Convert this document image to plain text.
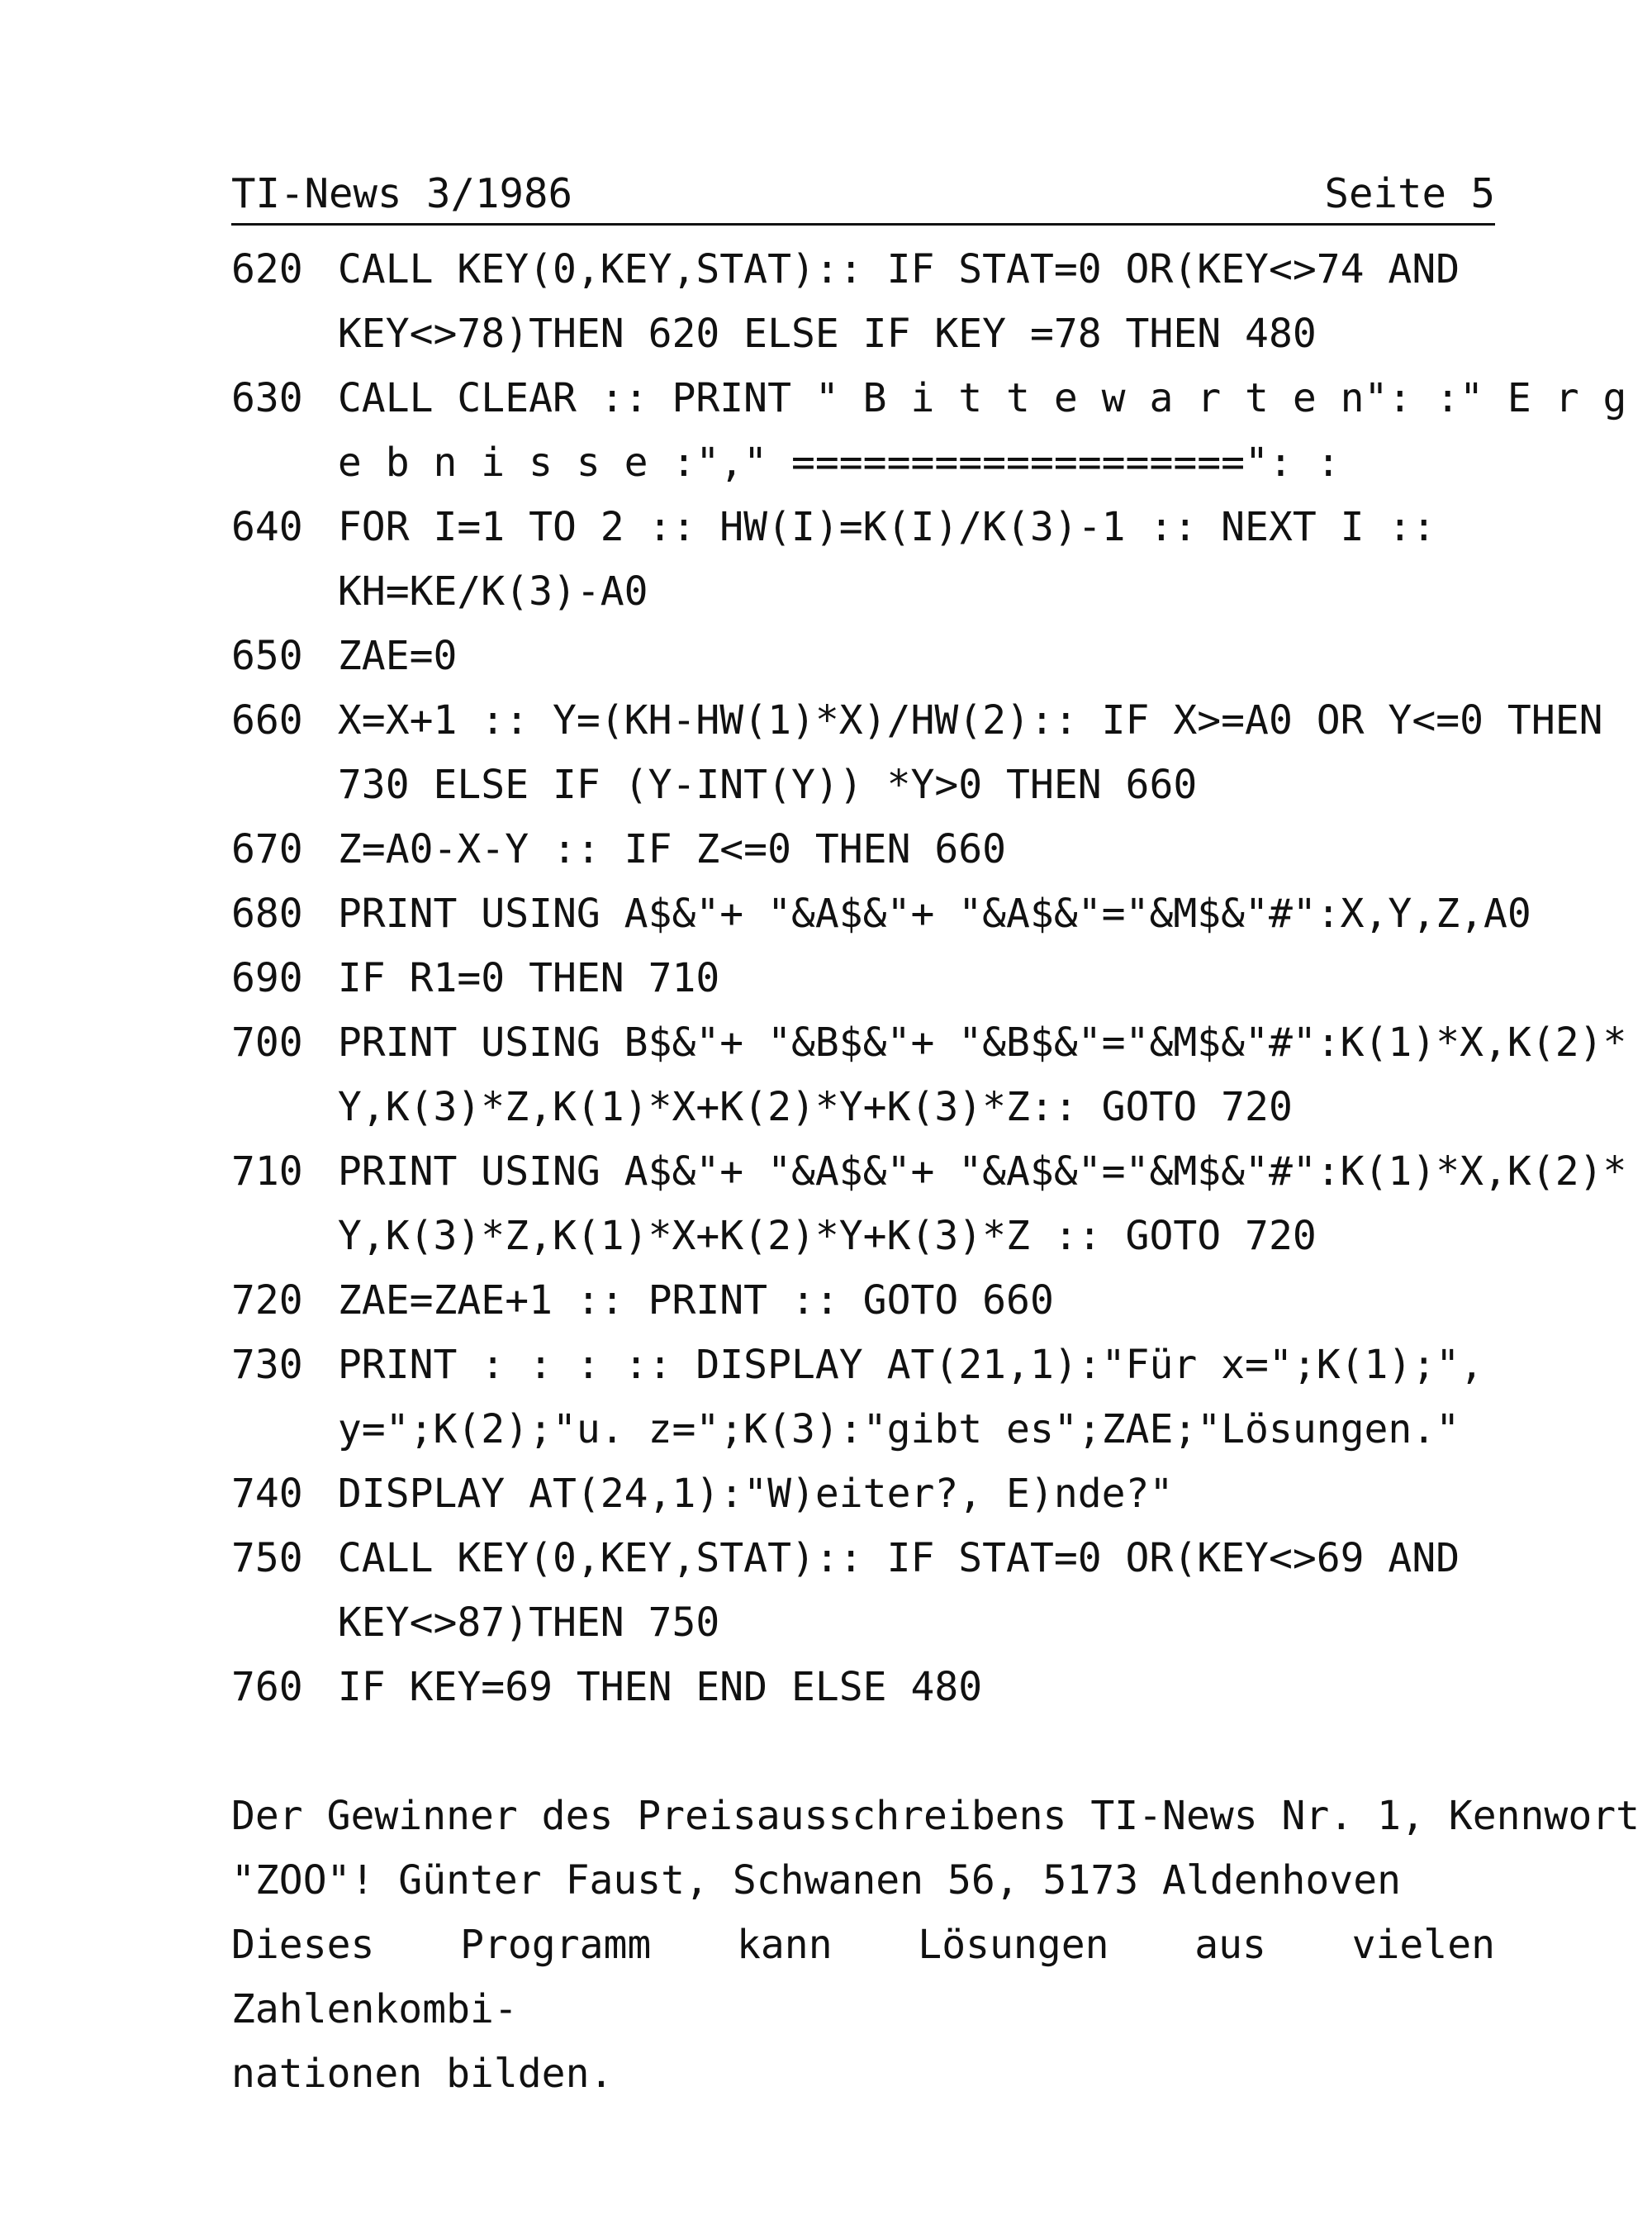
TI-News 3/1986	Seite 5
620 CALL KEY(0,KEY,STAT):: IF STAT=0 OR(KEY<>74 AND
KEY<>78)THEN 620 ELSE IF KEY =78 THEN 480
630 CALL CLEAR :: PRINT " B i t t e w a r t e n": :" E r g
e b n i s s e :"," ===================": :
640 FOR I=1 TO 2 :: HW(I)=K(I)/K(3)-1 :: NEXT I ::
KH=KE/K(3)-A0
650 ZAE=0
660 X=X+1 :: Y=(KH-HW(1)*X)/HW(2):: IF X>=A0 OR Y<=0 THEN
730 ELSE IF (Y-INT(Y)) *Y>0 THEN 660
670 Z=A0-X-Y :: IF Z<=0 THEN 660
680 PRINT USING A$&"+ "&A$&"+ "&A$&"="&M$&"#":X,Y,Z,A0
690 IF R1=0 THEN 710
700 PRINT USING B$&"+ "&B$&"+ "&B$&"="&M$&"#":K(1)*X,K(2)*
Y,K(3)*Z,K(1)*X+K(2)*Y+K(3)*Z:: GOTO 720
710 PRINT USING A$&"+ "&A$&"+ "&A$&"="&M$&"#":K(1)*X,K(2)*
Y,K(3)*Z,K(1)*X+K(2)*Y+K(3)*Z :: GOTO 720
720 ZAE=ZAE+1 :: PRINT :: GOTO 660
730 PRINT : : : :: DISPLAY AT(21,1):"Für x=";K(1);",
y=";K(2);"u. z=";K(3):"gibt es";ZAE;"Lösungen."
740 DISPLAY AT(24,1):"W)eiter?, E)nde?"
750 CALL KEY(0,KEY,STAT):: IF STAT=0 OR(KEY<>69 AND
KEY<>87)THEN 750
760 IF KEY=69 THEN END ELSE 480
Der Gewinner des Preisausschreibens TI-News Nr. 1, Kennwort
"ZOO"! Günter Faust, Schwanen 56, 5173 Aldenhoven
Dieses Programm kann Lösungen aus vielen Zahlenkombi-
nationen bilden.
